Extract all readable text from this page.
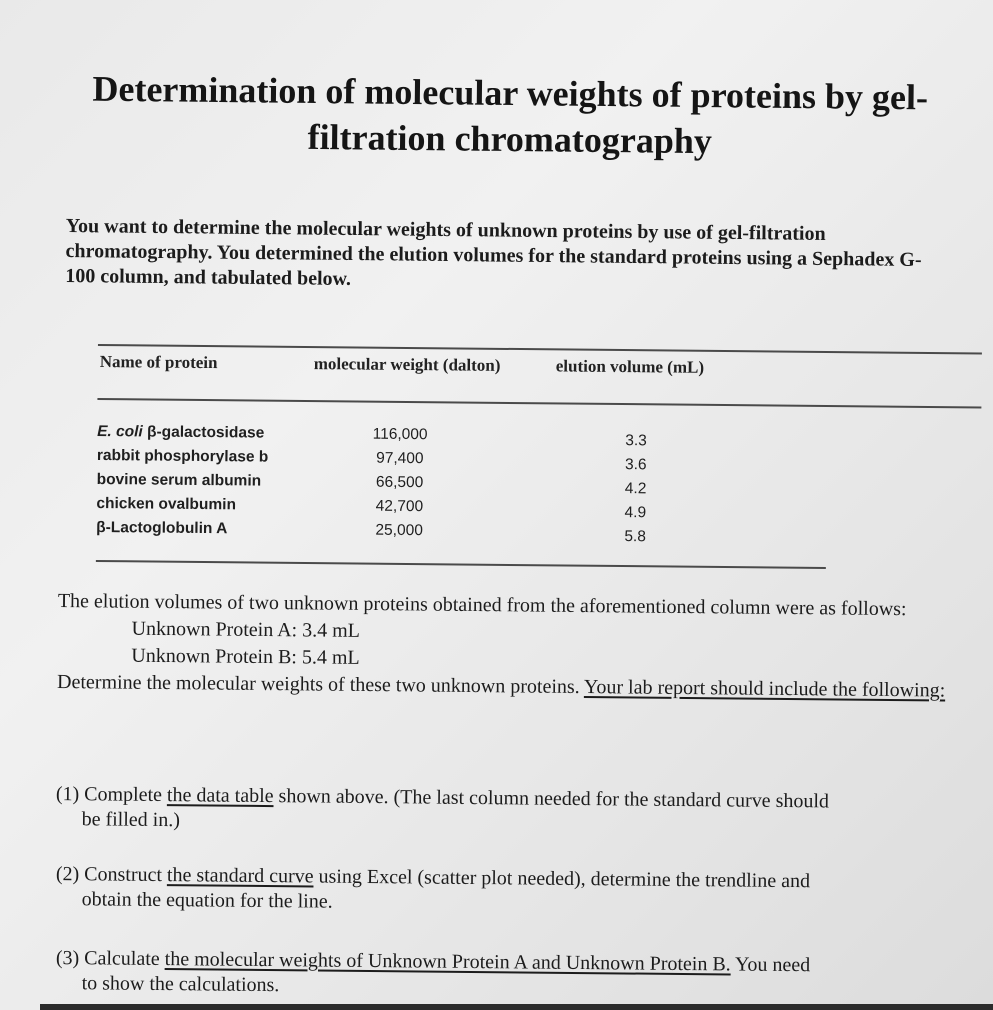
Determination of molecular weights of proteins by gel-
filtration chromatography
You want to determine the molecular weights of unknown proteins by use of gel-filtration chromatography. You determined the elution volumes for the standard proteins using a Sephadex G-100 column, and tabulated below.
Name of protein	molecular weight (dalton)	elution volume (mL)
E. coli β-galactosidase
rabbit phosphorylase b
bovine serum albumin
chicken ovalbumin
β-Lactoglobulin A
116,000
97,400
66,500
42,700
25,000
3.3
3.6
4.2
4.9
5.8
The elution volumes of two unknown proteins obtained from the aforementioned column were as follows:
Unknown Protein A: 3.4 mL
Unknown Protein B: 5.4 mL
Determine the molecular weights of these two unknown proteins. Your lab report should include the following:
(1) Complete the data table shown above. (The last column needed for the standard curve should
be filled in.)
(2) Construct the standard curve using Excel (scatter plot needed), determine the trendline and
obtain the equation for the line.
(3) Calculate the molecular weights of Unknown Protein A and Unknown Protein B. You need
to show the calculations.
